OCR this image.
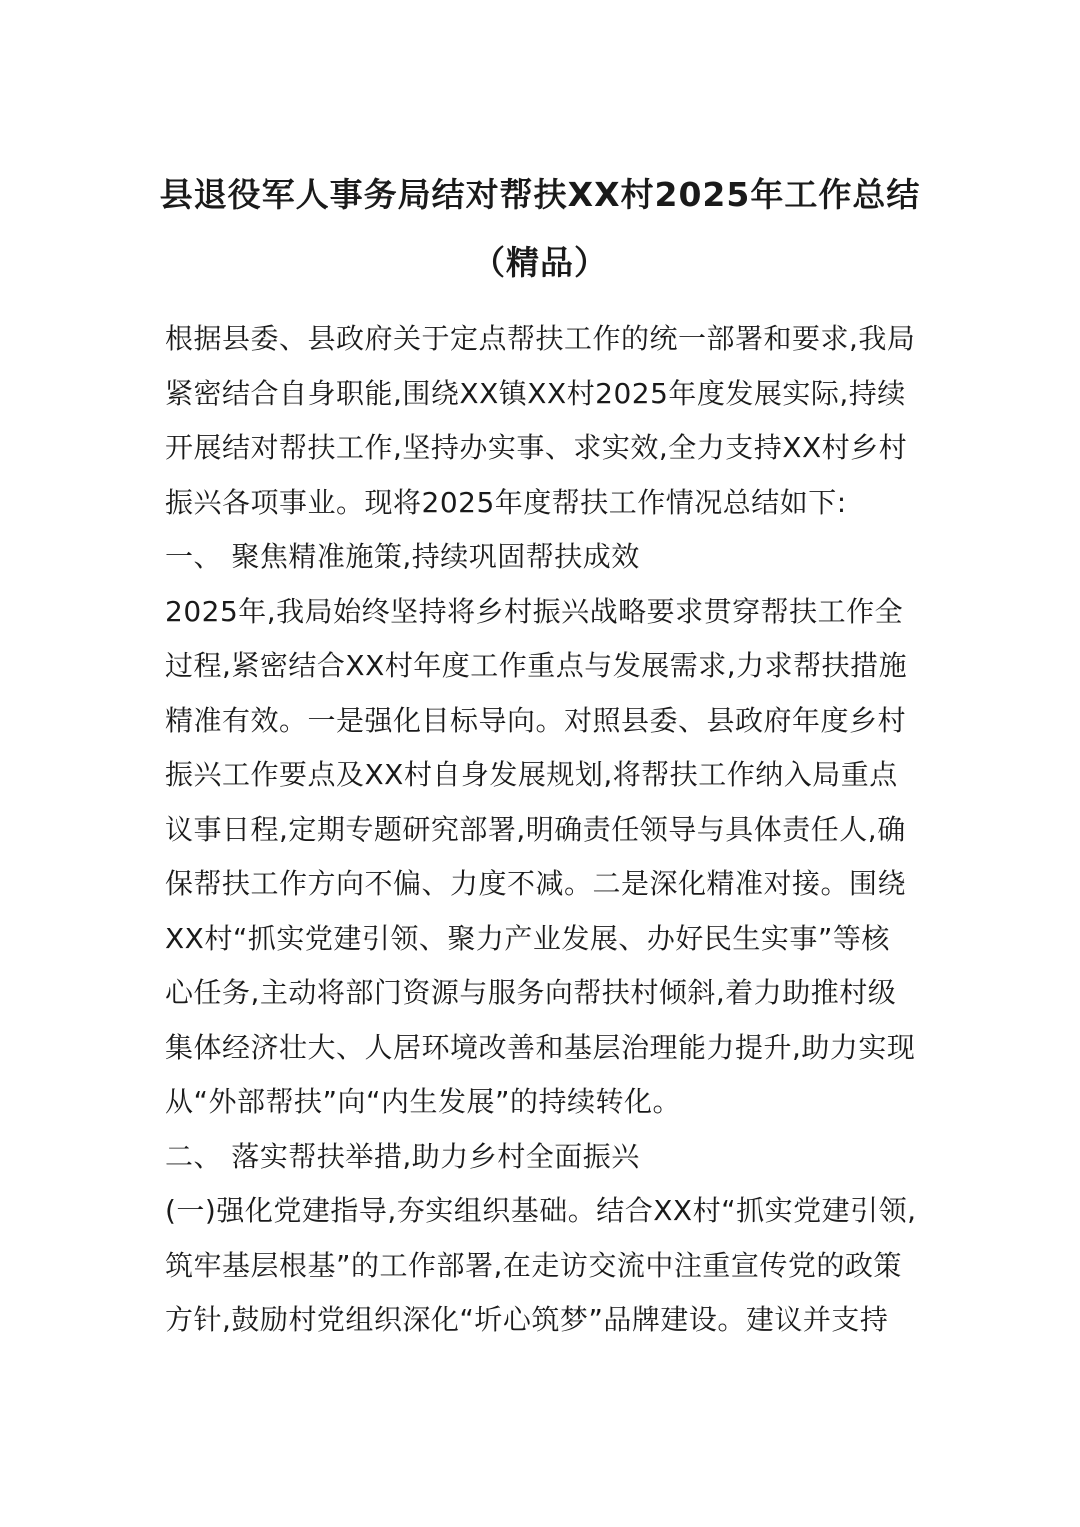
县退役军人事务局结对帮扶XX村2025年工作总结
（精品）
根据县委、县政府关于定点帮扶工作的统一部署和要求,我局
紧密结合自身职能,围绕XX镇XX村2025年度发展实际,持续
开展结对帮扶工作,坚持办实事、求实效,全力支持XX村乡村
振兴各项事业。现将2025年度帮扶工作情况总结如下:
一、 聚焦精准施策,持续巩固帮扶成效
2025年,我局始终坚持将乡村振兴战略要求贯穿帮扶工作全
过程,紧密结合XX村年度工作重点与发展需求,力求帮扶措施
精准有效。一是强化目标导向。对照县委、县政府年度乡村
振兴工作要点及XX村自身发展规划,将帮扶工作纳入局重点
议事日程,定期专题研究部署,明确责任领导与具体责任人,确
保帮扶工作方向不偏、力度不减。二是深化精准对接。围绕
XX村“抓实党建引领、聚力产业发展、办好民生实事”等核
心任务,主动将部门资源与服务向帮扶村倾斜,着力助推村级
集体经济壮大、人居环境改善和基层治理能力提升,助力实现
从“外部帮扶”向“内生发展”的持续转化。
二、 落实帮扶举措,助力乡村全面振兴
(一)强化党建指导,夯实组织基础。结合XX村“抓实党建引领,
筑牢基层根基”的工作部署,在走访交流中注重宣传党的政策
方针,鼓励村党组织深化“圻心筑梦”品牌建设。建议并支持
